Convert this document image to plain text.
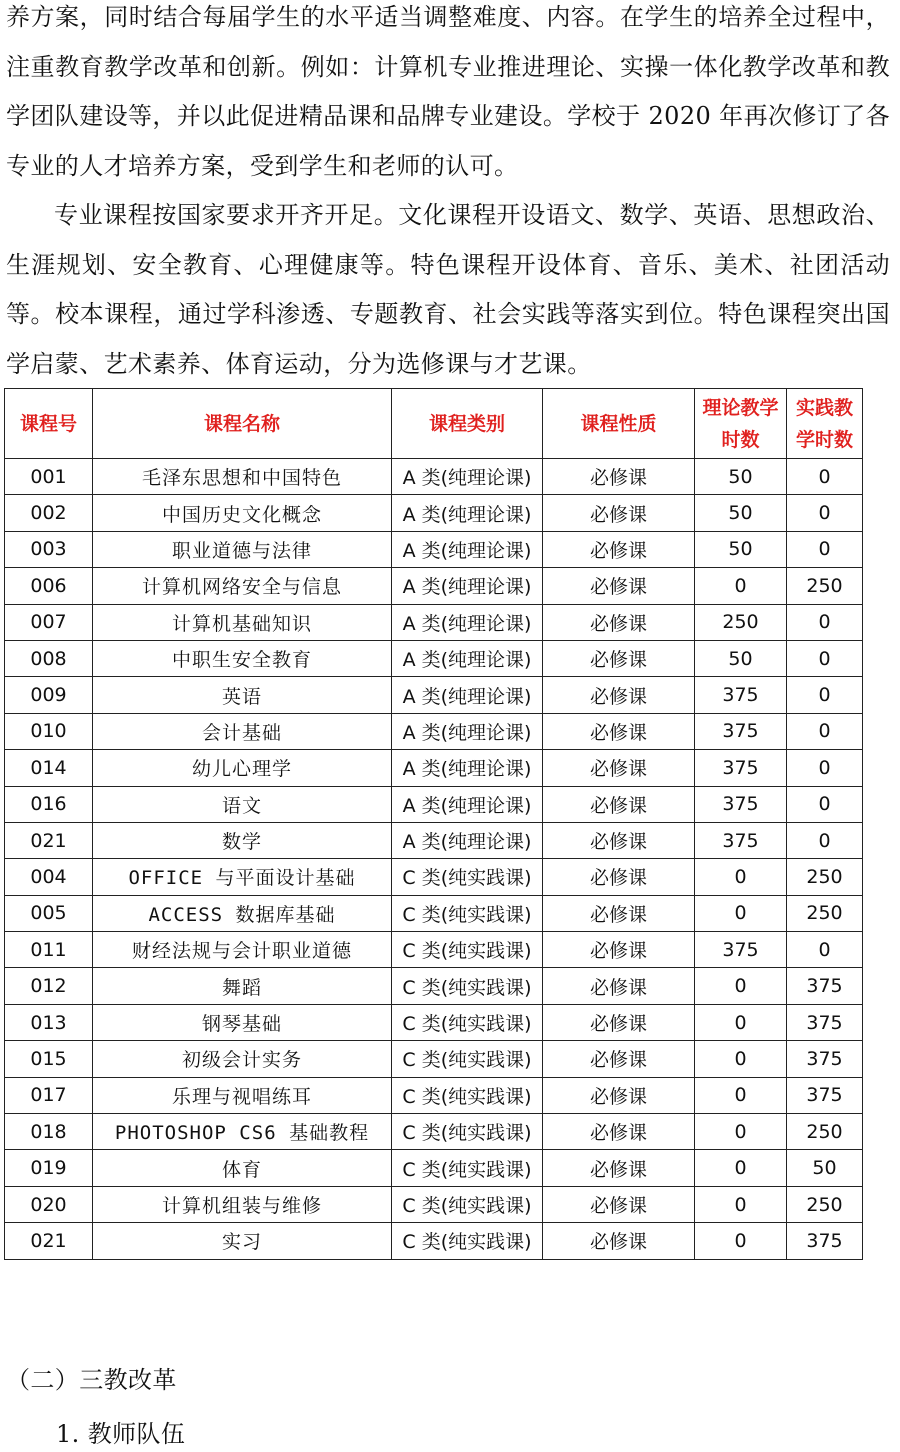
养方案，同时结合每届学生的水平适当调整难度、内容。在学生的培养全过程中，注重教育教学改革和创新。例如：计算机专业推进理论、实操一体化教学改革和教学团队建设等，并以此促进精品课和品牌专业建设。学校于 2020 年再次修订了各专业的人才培养方案，受到学生和老师的认可。

专业课程按国家要求开齐开足。文化课程开设语文、数学、英语、思想政治、生涯规划、安全教育、心理健康等。特色课程开设体育、音乐、美术、社团活动等。校本课程，通过学科渗透、专题教育、社会实践等落实到位。特色课程突出国学启蒙、艺术素养、体育运动，分为选修课与才艺课。

课程号	课程名称	课程类别	课程性质	理论教学时数	实践教学时数
001	毛泽东思想和中国特色	A 类(纯理论课)	必修课	50	0
002	中国历史文化概念	A 类(纯理论课)	必修课	50	0
003	职业道德与法律	A 类(纯理论课)	必修课	50	0
006	计算机网络安全与信息	A 类(纯理论课)	必修课	0	250
007	计算机基础知识	A 类(纯理论课)	必修课	250	0
008	中职生安全教育	A 类(纯理论课)	必修课	50	0
009	英语	A 类(纯理论课)	必修课	375	0
010	会计基础	A 类(纯理论课)	必修课	375	0
014	幼儿心理学	A 类(纯理论课)	必修课	375	0
016	语文	A 类(纯理论课)	必修课	375	0
021	数学	A 类(纯理论课)	必修课	375	0
004	OFFICE 与平面设计基础	C 类(纯实践课)	必修课	0	250
005	ACCESS 数据库基础	C 类(纯实践课)	必修课	0	250
011	财经法规与会计职业道德	C 类(纯实践课)	必修课	375	0
012	舞蹈	C 类(纯实践课)	必修课	0	375
013	钢琴基础	C 类(纯实践课)	必修课	0	375
015	初级会计实务	C 类(纯实践课)	必修课	0	375
017	乐理与视唱练耳	C 类(纯实践课)	必修课	0	375
018	PHOTOSHOP CS6 基础教程	C 类(纯实践课)	必修课	0	250
019	体育	C 类(纯实践课)	必修课	0	50
020	计算机组装与维修	C 类(纯实践课)	必修课	0	250
021	实习	C 类(纯实践课)	必修课	0	375

（二）三教改革

1. 教师队伍
